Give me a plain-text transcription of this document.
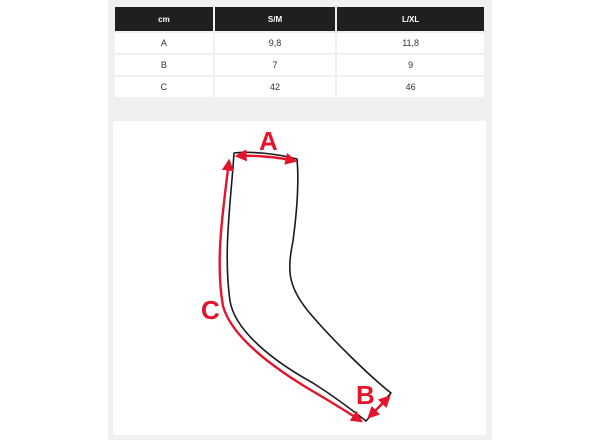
cm	S/M	L/XL
A	9,8	11,8
B	7	9
C	42	46
A
B
C
